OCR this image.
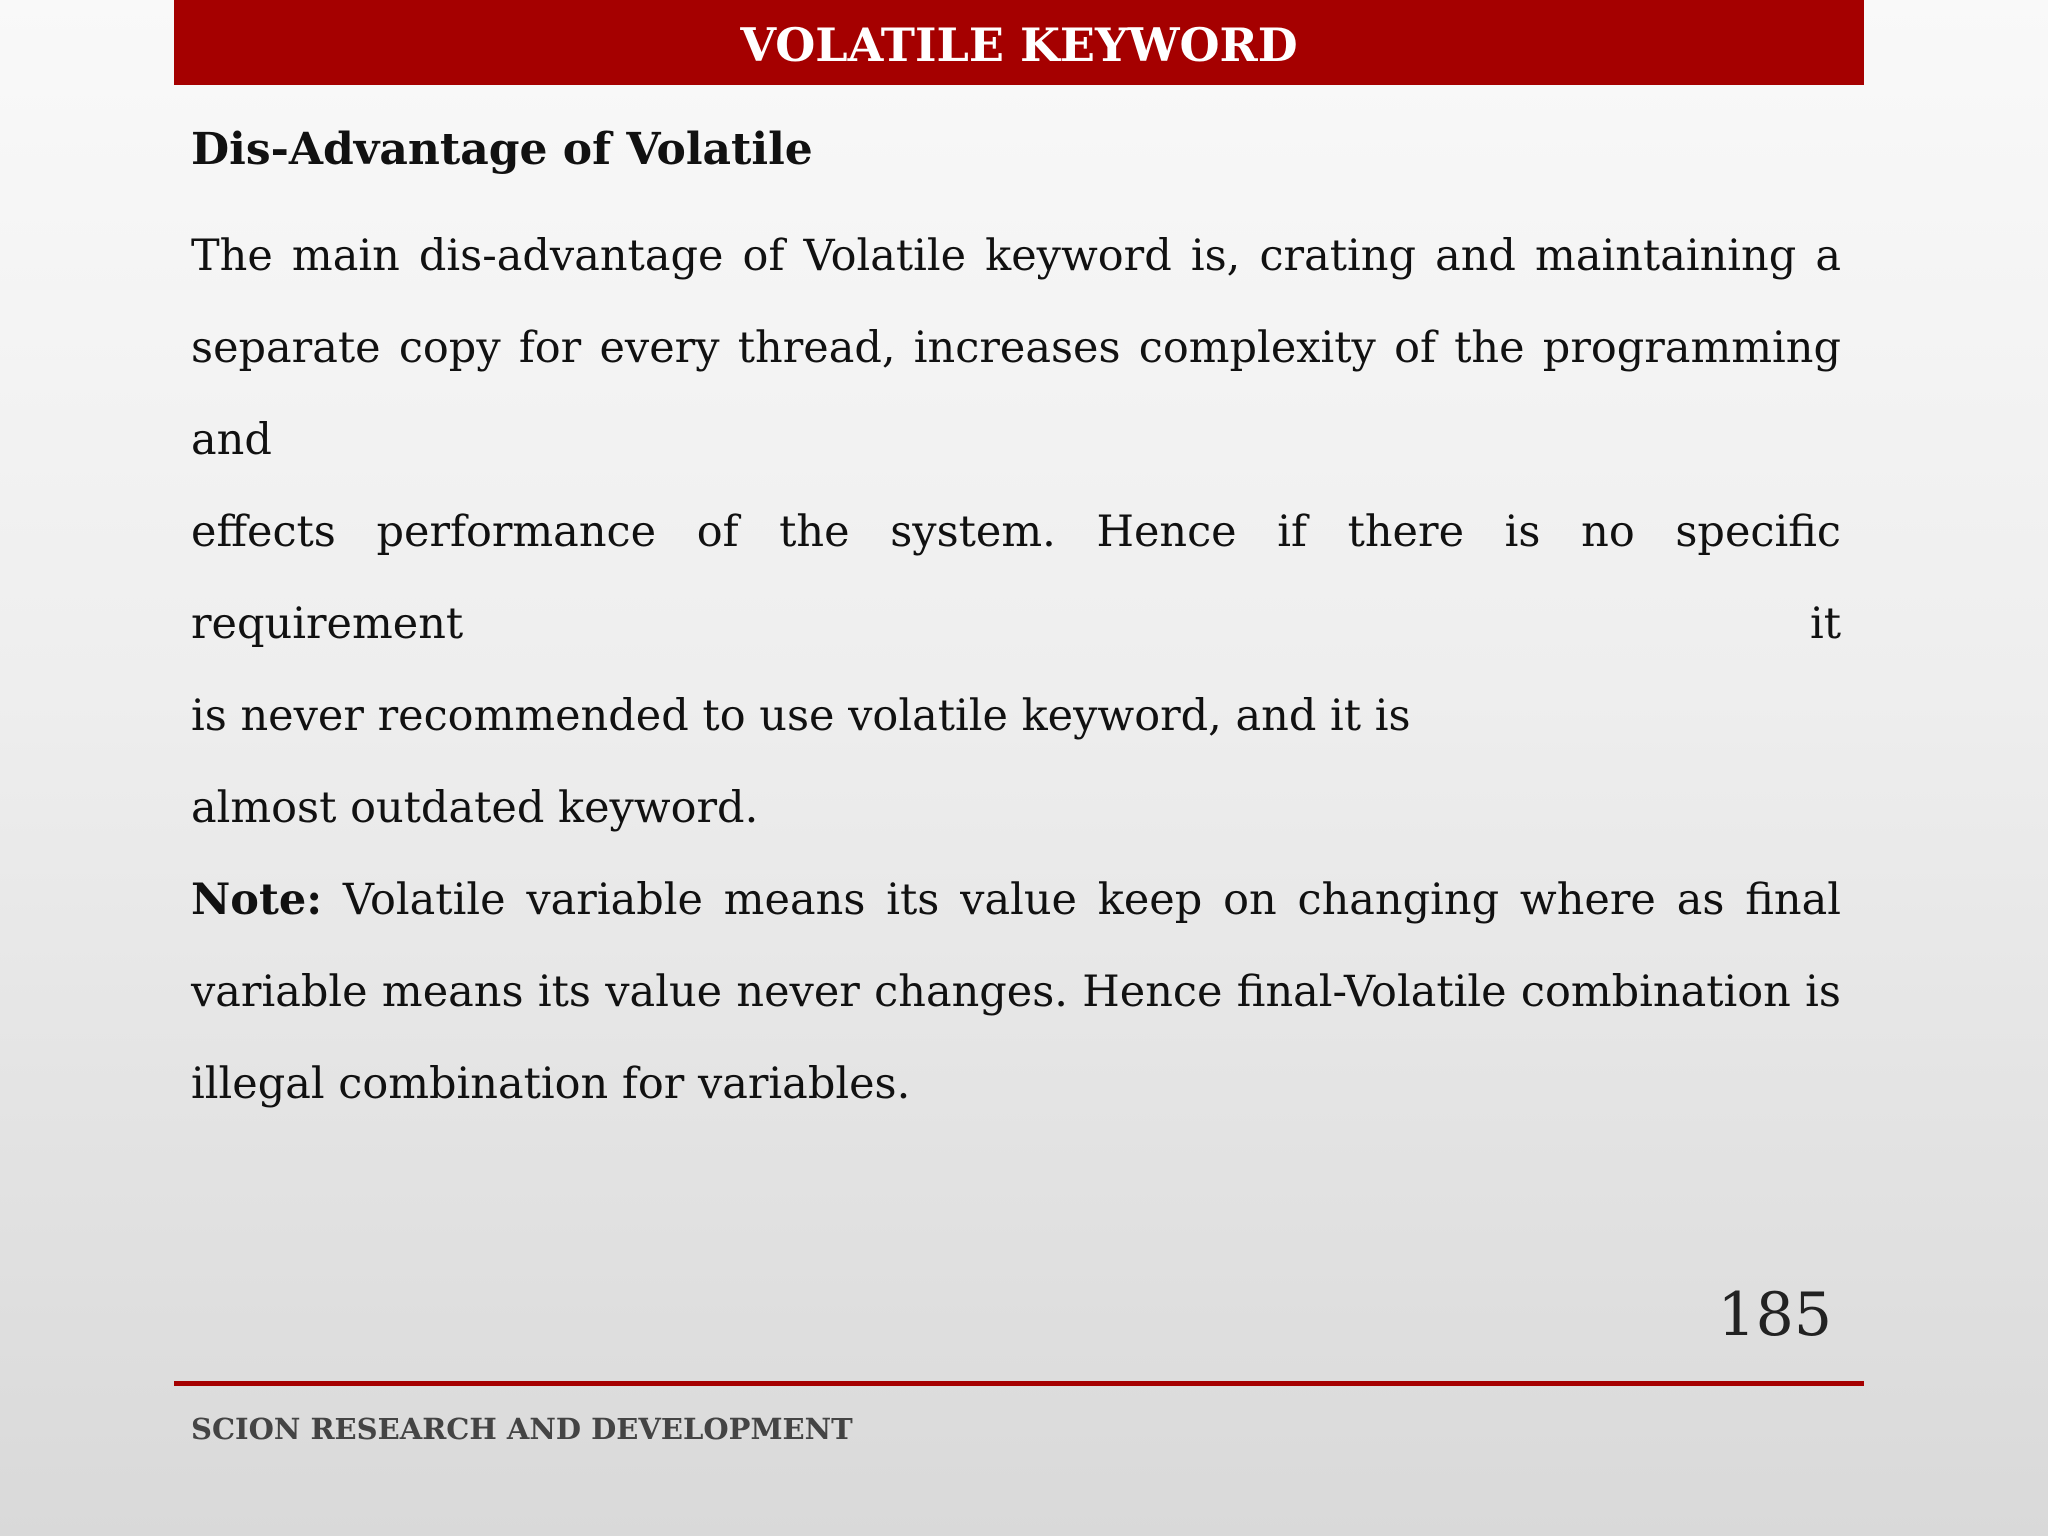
VOLATILE KEYWORD
Dis-Advantage of Volatile

The main dis-advantage of Volatile keyword is, crating and maintaining a
separate copy for every thread, increases complexity of the programming and
effects performance of the system. Hence if there is no specific requirement it
is never recommended to use volatile keyword, and it is
almost outdated keyword.

Note: Volatile variable means its value keep on changing where as final
variable means its value never changes. Hence final-Volatile combination is
illegal combination for variables.

185
SCION RESEARCH AND DEVELOPMENT
